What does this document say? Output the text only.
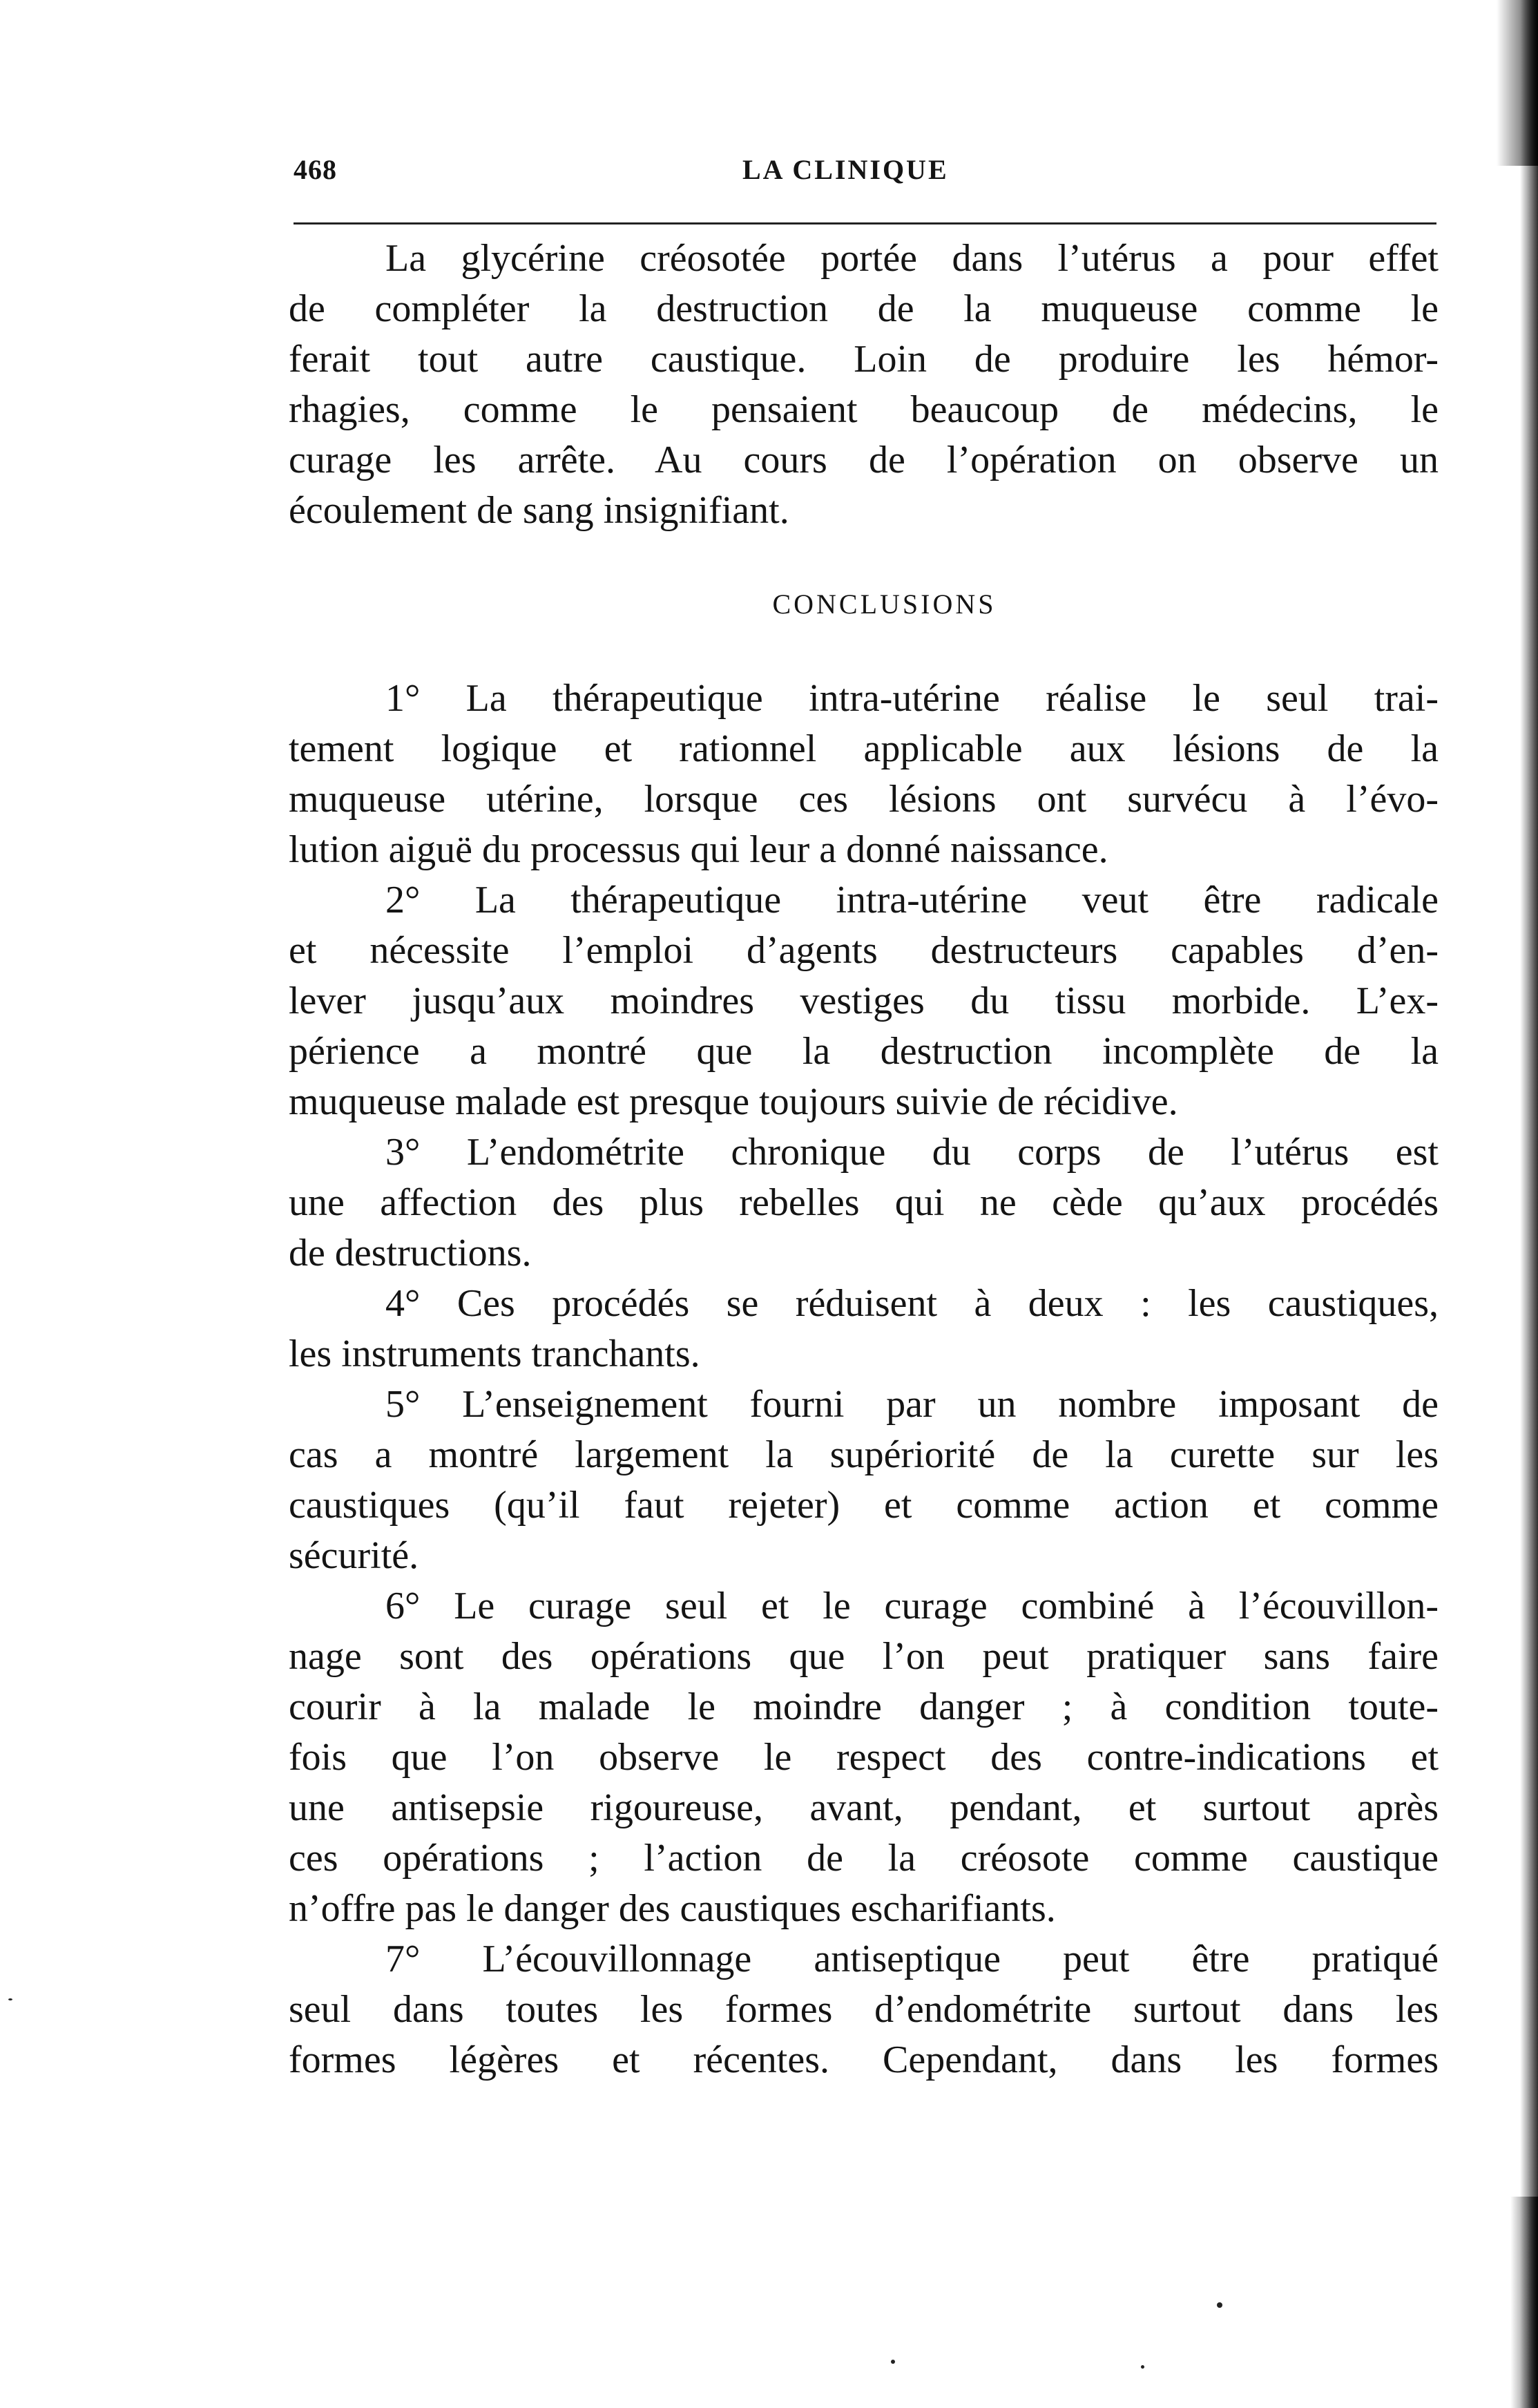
468	LA CLINIQUE
La glycérine créosotée portée dans l’utérus a pour effet
de compléter la destruction de la muqueuse comme le
ferait tout autre caustique. Loin de produire les hémor-
rhagies, comme le pensaient beaucoup de médecins, le
curage les arrête. Au cours de l’opération on observe un
écoulement de sang insignifiant.
CONCLUSIONS
1° La thérapeutique intra-utérine réalise le seul trai-
tement logique et rationnel applicable aux lésions de la
muqueuse utérine, lorsque ces lésions ont survécu à l’évo-
lution aiguë du processus qui leur a donné naissance.
2° La thérapeutique intra-utérine veut être radicale
et nécessite l’emploi d’agents destructeurs capables d’en-
lever jusqu’aux moindres vestiges du tissu morbide. L’ex-
périence a montré que la destruction incomplète de la
muqueuse malade est presque toujours suivie de récidive.
3° L’endométrite chronique du corps de l’utérus est
une affection des plus rebelles qui ne cède qu’aux procédés
de destructions.
4° Ces procédés se réduisent à deux : les caustiques,
les instruments tranchants.
5° L’enseignement fourni par un nombre imposant de
cas a montré largement la supériorité de la curette sur les
caustiques (qu’il faut rejeter) et comme action et comme
sécurité.
6° Le curage seul et le curage combiné à l’écouvillon-
nage sont des opérations que l’on peut pratiquer sans faire
courir à la malade le moindre danger ; à condition toute-
fois que l’on observe le respect des contre-indications et
une antisepsie rigoureuse, avant, pendant, et surtout après
ces opérations ; l’action de la créosote comme caustique
n’offre pas le danger des caustiques escharifiants.
7° L’écouvillonnage antiseptique peut être pratiqué
seul dans toutes les formes d’endométrite surtout dans les
formes légères et récentes. Cependant, dans les formes
